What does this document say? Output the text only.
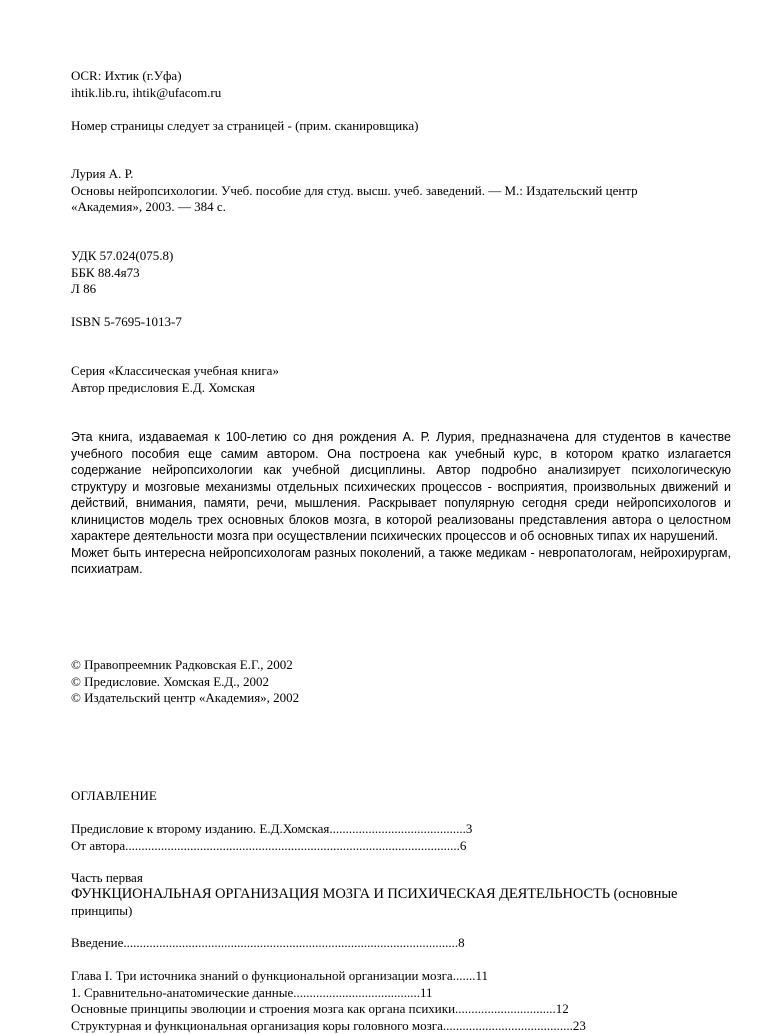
OCR: Ихтик (г.Уфа)
ihtik.lib.ru, ihtik@ufacom.ru
Номер страницы следует за страницей - (прим. сканировщика)
Лурия А. Р.
Основы нейропсихологии. Учеб. пособие для студ. высш. учеб. заведений. — М.: Издательский центр
«Академия», 2003. — 384 с.
УДК 57.024(075.8)
ББК 88.4я73
Л 86
ISBN 5-7695-1013-7
Серия «Классическая учебная книга»
Автор предисловия Е.Д. Хомская
Эта книга, издаваемая к 100-летию со дня рождения А. Р. Лурия, предназначена для студентов в качестве учебного пособия еще самим автором. Она построена как учебный курс, в котором кратко излагается содержание нейропсихологии как учебной дисциплины. Автор подробно анализирует психологическую структуру и мозговые механизмы отдельных психических процессов - восприятия, произвольных движений и действий, внимания, памяти, речи, мышления. Раскрывает популярную сегодня среди нейропсихологов и клиницистов модель трех основных блоков мозга, в которой реализованы представления автора о целостном характере деятельности мозга при осуществлении психических процессов и об основных типах их нарушений.
Может быть интересна нейропсихологам разных поколений, а также медикам - невропатологам, нейрохирургам, психиатрам.
© Правопреемник Радковская Е.Г., 2002
© Предисловие. Хомская Е.Д., 2002
© Издательский центр «Академия», 2002
ОГЛАВЛЕНИЕ
Предисловие к второму изданию. Е.Д.Хомская..........................................3
От автора.......................................................................................................6
Часть первая
ФУНКЦИОНАЛЬНАЯ ОРГАНИЗАЦИЯ МОЗГА И ПСИХИЧЕСКАЯ ДЕЯТЕЛЬНОСТЬ (основные
принципы)
Введение.......................................................................................................8
Глава I. Три источника знаний о функциональной организации мозга.......11
1. Сравнительно-анатомические данные.......................................11
Основные принципы эволюции и строения мозга как органа психики...............................12
Структурная и функциональная организация коры головного мозга........................................23
